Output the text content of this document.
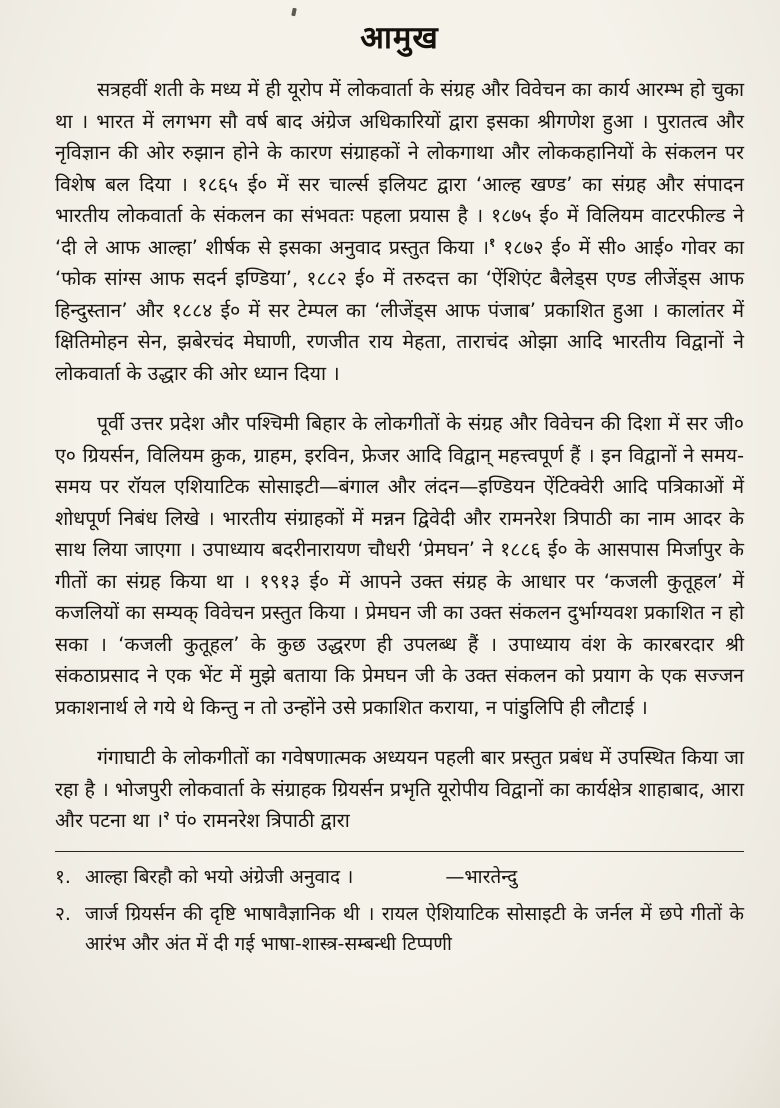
आमुख

सत्रहवीं शती के मध्य में ही यूरोप में लोकवार्ता के संग्रह और विवेचन का कार्य आरम्भ हो चुका था । भारत में लगभग सौ वर्ष बाद अंग्रेज अधिकारियों द्वारा इसका श्रीगणेश हुआ । पुरातत्व और नृविज्ञान की ओर रुझान होने के कारण संग्राहकों ने लोकगाथा और लोककहानियों के संकलन पर विशेष बल दिया । १८६५ ई० में सर चार्ल्स इलियट द्वारा ‘आल्ह खण्ड’ का संग्रह और संपादन भारतीय लोकवार्ता के संकलन का संभवतः पहला प्रयास है । १८७५ ई० में विलियम वाटरफील्ड ने ‘दी ले आफ आल्हा’ शीर्षक से इसका अनुवाद प्रस्तुत किया ।$^१$ १८७२ ई० में सी० आई० गोवर का ‘फोक सांग्स आफ सदर्न इण्डिया’, १८८२ ई० में तरुदत्त का ‘ऐंशिएंट बैलेड्स एण्ड लीजेंड्स आफ हिन्दुस्तान’ और १८८४ ई० में सर टेम्पल का ‘लीजेंड्स आफ पंजाब’ प्रकाशित हुआ । कालांतर में क्षितिमोहन सेन, झबेरचंद मेघाणी, रणजीत राय मेहता, ताराचंद ओझा आदि भारतीय विद्वानों ने लोकवार्ता के उद्धार की ओर ध्यान दिया ।

पूर्वी उत्तर प्रदेश और पश्चिमी बिहार के लोकगीतों के संग्रह और विवेचन की दिशा में सर जी० ए० ग्रियर्सन, विलियम क्रुक, ग्राहम, इरविन, फ्रेजर आदि विद्वान् महत्त्वपूर्ण हैं । इन विद्वानों ने समय-समय पर रॉयल एशियाटिक सोसाइटी—बंगाल और लंदन—इण्डियन ऐंटिक्वेरी आदि पत्रिकाओं में शोधपूर्ण निबंध लिखे । भारतीय संग्राहकों में मन्नन द्विवेदी और रामनरेश त्रिपाठी का नाम आदर के साथ लिया जाएगा । उपाध्याय बदरीनारायण चौधरी ‘प्रेमघन’ ने १८८६ ई० के आसपास मिर्जापुर के गीतों का संग्रह किया था । १९१३ ई० में आपने उक्त संग्रह के आधार पर ‘कजली कुतूहल’ में कजलियों का सम्यक् विवेचन प्रस्तुत किया । प्रेमघन जी का उक्त संकलन दुर्भाग्यवश प्रकाशित न हो सका । ‘कजली कुतूहल’ के कुछ उद्धरण ही उपलब्ध हैं । उपाध्याय वंश के कारबरदार श्री संकठाप्रसाद ने एक भेंट में मुझे बताया कि प्रेमघन जी के उक्त संकलन को प्रयाग के एक सज्जन प्रकाशनार्थ ले गये थे किन्तु न तो उन्होंने उसे प्रकाशित कराया, न पांडुलिपि ही लौटाई ।

गंगाघाटी के लोकगीतों का गवेषणात्मक अध्ययन पहली बार प्रस्तुत प्रबंध में उपस्थित किया जा रहा है । भोजपुरी लोकवार्ता के संग्राहक ग्रियर्सन प्रभृति यूरोपीय विद्वानों का कार्यक्षेत्र शाहाबाद, आरा और पटना था ।$^२$ पं० रामनरेश त्रिपाठी द्वारा

१. आल्हा बिरहौ को भयो अंग्रेजी अनुवाद ।	—भारतेन्दु
२. जार्ज ग्रियर्सन की दृष्टि भाषावैज्ञानिक थी । रायल ऐशियाटिक सोसाइटी के जर्नल में छपे गीतों के आरंभ और अंत में दी गई भाषा-शास्त्र-सम्बन्धी टिप्पणी
